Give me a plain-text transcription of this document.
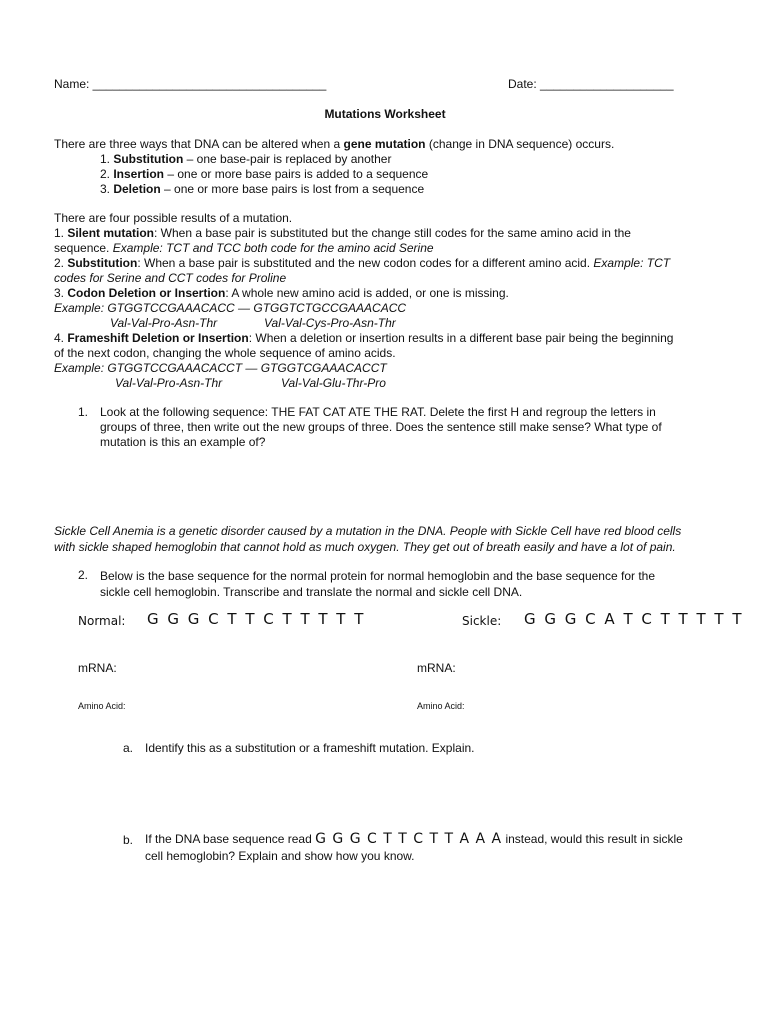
Name: ___________________________________	Date: ____________________
Mutations Worksheet
There are three ways that DNA can be altered when a gene mutation (change in DNA sequence) occurs.
1. Substitution – one base-pair is replaced by another
2. Insertion – one or more base pairs is added to a sequence
3. Deletion – one or more base pairs is lost from a sequence
There are four possible results of a mutation.
1. Silent mutation: When a base pair is substituted but the change still codes for the same amino acid in the
sequence. Example: TCT and TCC both code for the amino acid Serine
2. Substitution: When a base pair is substituted and the new codon codes for a different amino acid. Example: TCT
codes for Serine and CCT codes for Proline
3. Codon Deletion or Insertion: A whole new amino acid is added, or one is missing.
Example: GTGGTCCGAAACACC — GTGGTCTGCCGAAACACC
Val-Val-Pro-Asn-Thr	Val-Val-Cys-Pro-Asn-Thr
4. Frameshift Deletion or Insertion: When a deletion or insertion results in a different base pair being the beginning
of the next codon, changing the whole sequence of amino acids.
Example: GTGGTCCGAAACACCT — GTGGTCGAAACACCT
Val-Val-Pro-Asn-Thr	Val-Val-Glu-Thr-Pro
1. Look at the following sequence: THE FAT CAT ATE THE RAT. Delete the first H and regroup the letters in
groups of three, then write out the new groups of three. Does the sentence still make sense? What type of
mutation is this an example of?
Sickle Cell Anemia is a genetic disorder caused by a mutation in the DNA. People with Sickle Cell have red blood cells
with sickle shaped hemoglobin that cannot hold as much oxygen. They get out of breath easily and have a lot of pain.
2. Below is the base sequence for the normal protein for normal hemoglobin and the base sequence for the
sickle cell hemoglobin. Transcribe and translate the normal and sickle cell DNA.
Normal: G G G C T T C T T T T T	Sickle: G G G C A T C T T T T T
mRNA:	mRNA:
Amino Acid:	Amino Acid:
a. Identify this as a substitution or a frameshift mutation. Explain.
b. If the DNA base sequence read G G G C T T C T T A A A instead, would this result in sickle
cell hemoglobin? Explain and show how you know.
